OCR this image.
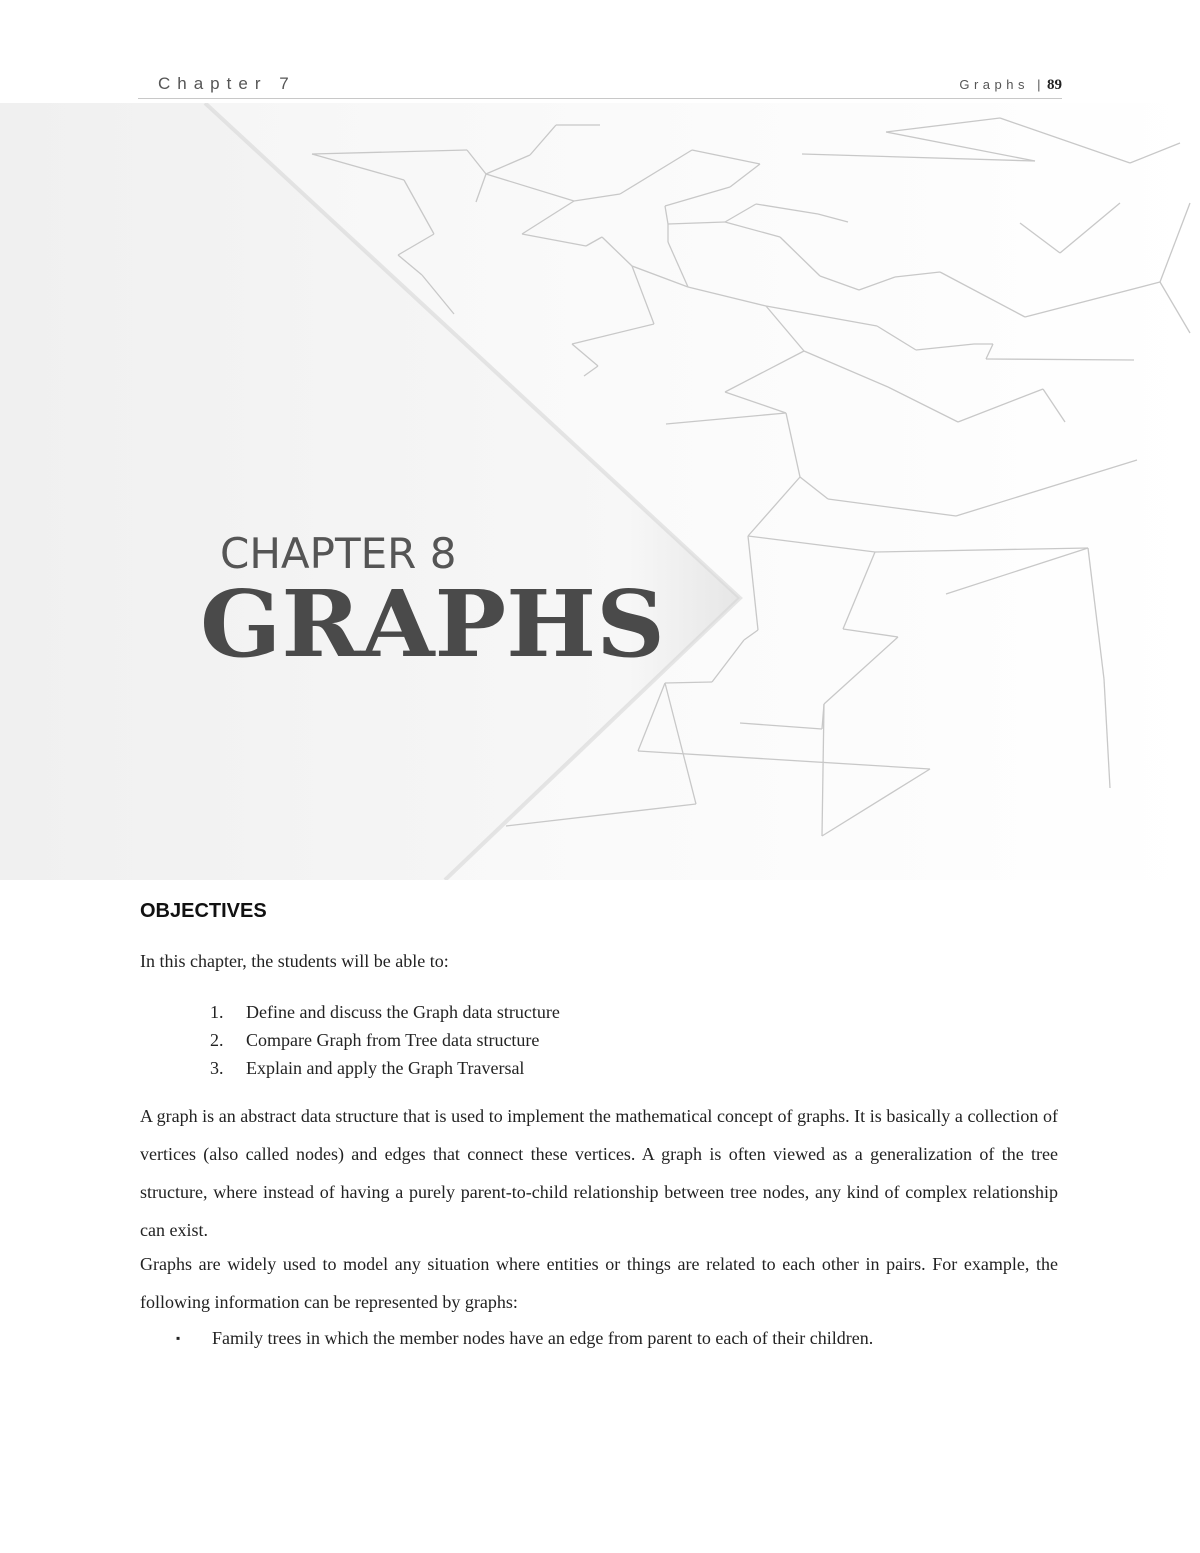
Chapter 7	Graphs | 89
CHAPTER 8
GRAPHS
OBJECTIVES

In this chapter, the students will be able to:

1. Define and discuss the Graph data structure
2. Compare Graph from Tree data structure
3. Explain and apply the Graph Traversal

A graph is an abstract data structure that is used to implement the mathematical concept of graphs. It is basically a collection of vertices (also called nodes) and edges that connect these vertices. A graph is often viewed as a generalization of the tree structure, where instead of having a purely parent-to-child relationship between tree nodes, any kind of complex relationship can exist.

Graphs are widely used to model any situation where entities or things are related to each other in pairs. For example, the following information can be represented by graphs:

▪ Family trees in which the member nodes have an edge from parent to each of their children.
